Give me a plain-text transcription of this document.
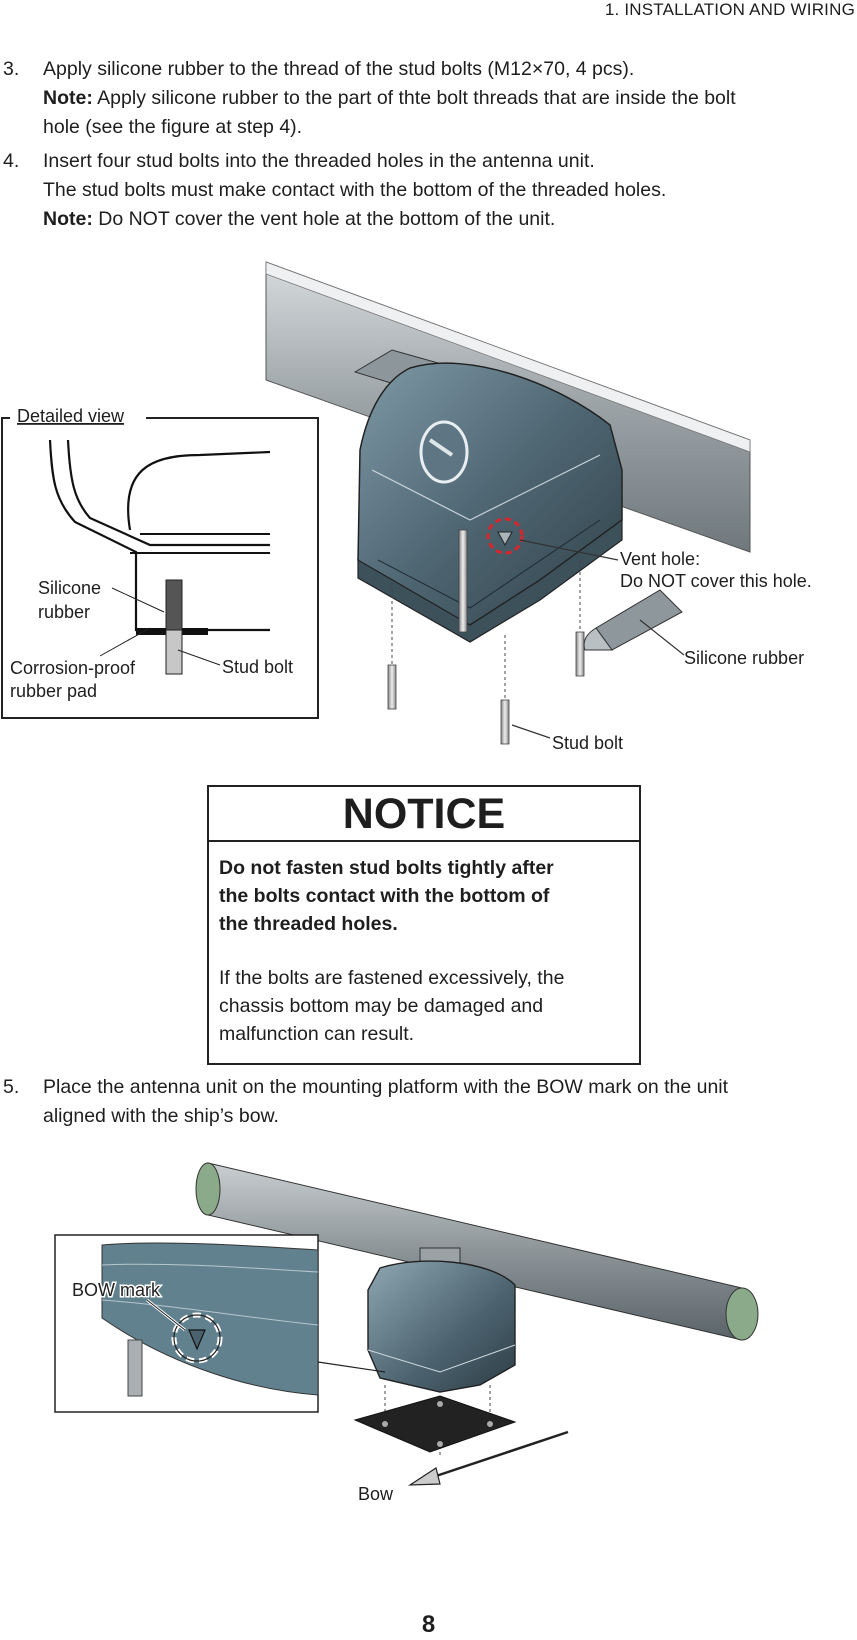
1. INSTALLATION AND WIRING
3. Apply silicone rubber to the thread of the stud bolts (M12×70, 4 pcs).
Note: Apply silicone rubber to the part of thte bolt threads that are inside the bolt
hole (see the figure at step 4).
4. Insert four stud bolts into the threaded holes in the antenna unit.
The stud bolts must make contact with the bottom of the threaded holes.
Note: Do NOT cover the vent hole at the bottom of the unit.
Vent hole:
Do NOT cover this hole.
Silicone rubber
Stud bolt
Detailed view
Silicone
rubber
Corrosion-proof
rubber pad
Stud bolt
NOTICE

Do not fasten stud bolts tightly after

the bolts contact with the bottom of

the threaded holes.

If the bolts are fastened excessively, the

chassis bottom may be damaged and

malfunction can result.

5. Place the antenna unit on the mounting platform with the BOW mark on the unit
aligned with the ship’s bow.
Bow
BOW mark
8
